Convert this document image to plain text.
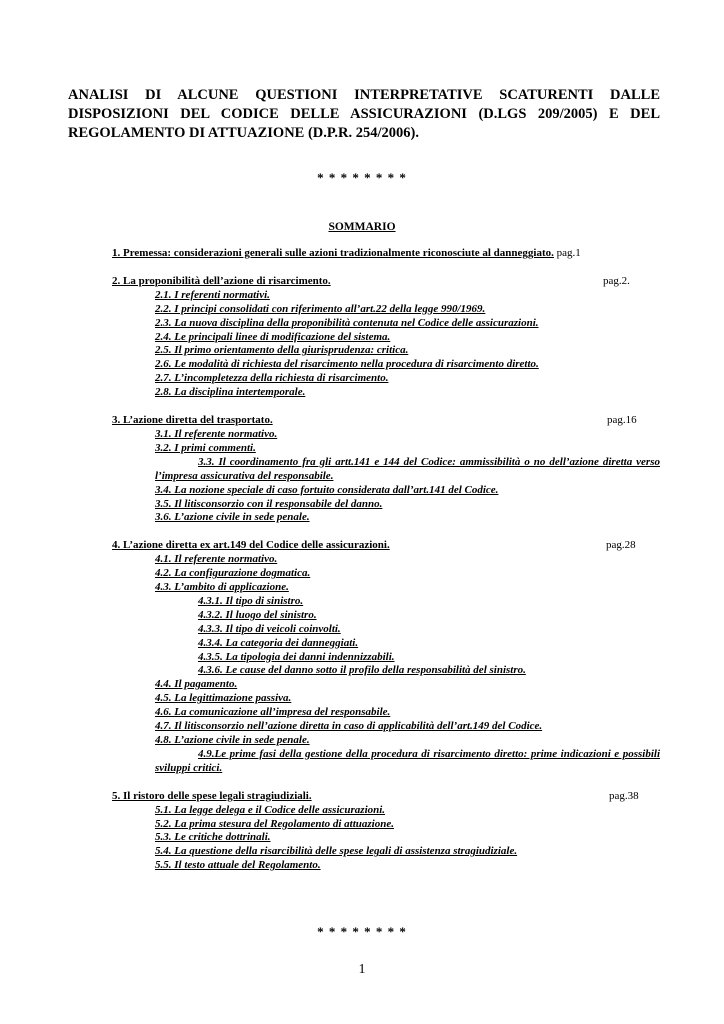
ANALISI DI ALCUNE QUESTIONI INTERPRETATIVE SCATURENTI DALLE
DISPOSIZIONI DEL CODICE DELLE ASSICURAZIONI (D.LGS 209/2005) E DEL
REGOLAMENTO DI ATTUAZIONE (D.P.R. 254/2006).
* * * * * * * *
SOMMARIO
1. Premessa: considerazioni generali sulle azioni tradizionalmente riconosciute al danneggiato. pag.1
2. La proponibilità dell’azione di risarcimento.	pag.2.
2.1. I referenti normativi.
2.2. I principi consolidati con riferimento all’art.22 della legge 990/1969.
2.3. La nuova disciplina della proponibilità contenuta nel Codice delle assicurazioni.
2.4. Le principali linee di modificazione del sistema.
2.5. Il primo orientamento della giurisprudenza: critica.
2.6. Le modalità di richiesta del risarcimento nella procedura di risarcimento diretto.
2.7. L’incompletezza della richiesta di risarcimento.
2.8. La disciplina intertemporale.
3. L’azione diretta del trasportato.	pag.16
3.1. Il referente normativo.
3.2. I primi commenti.
3.3. Il coordinamento fra gli artt.141 e 144 del Codice: ammissibilità o no dell’azione diretta verso l’impresa assicurativa del responsabile.
3.4. La nozione speciale di caso fortuito considerata dall’art.141 del Codice.
3.5. Il litisconsorzio con il responsabile del danno.
3.6. L’azione civile in sede penale.
4. L’azione diretta ex art.149 del Codice delle assicurazioni.	pag.28
4.1. Il referente normativo.
4.2. La configurazione dogmatica.
4.3. L’ambito di applicazione.
4.3.1. Il tipo di sinistro.
4.3.2. Il luogo del sinistro.
4.3.3. Il tipo di veicoli coinvolti.
4.3.4. La categoria dei danneggiati.
4.3.5. La tipologia dei danni indennizzabili.
4.3.6. Le cause del danno sotto il profilo della responsabilità del sinistro.
4.4. Il pagamento.
4.5. La legittimazione passiva.
4.6. La comunicazione all’impresa del responsabile.
4.7. Il litisconsorzio nell’azione diretta in caso di applicabilità dell’art.149 del Codice.
4.8. L’azione civile in sede penale.
4.9.Le prime fasi della gestione della procedura di risarcimento diretto: prime indicazioni e possibili sviluppi critici.
5. Il ristoro delle spese legali stragiudiziali.	pag.38
5.1. La legge delega e il Codice delle assicurazioni.
5.2. La prima stesura del Regolamento di attuazione.
5.3. Le critiche dottrinali.
5.4. La questione della risarcibilità delle spese legali di assistenza stragiudiziale.
5.5. Il testo attuale del Regolamento.
* * * * * * * *
1
